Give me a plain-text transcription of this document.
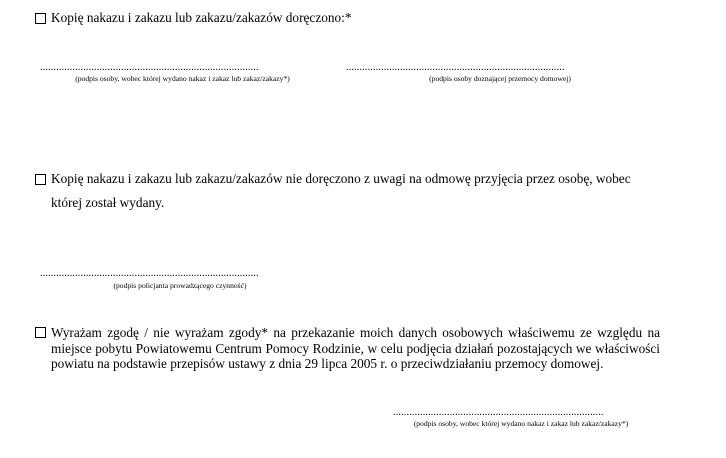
Kopię nakazu i zakazu lub zakazu/zakazów doręczono:*
.................................................................................
(podpis osoby, wobec której wydano nakaz i zakaz lub zakaz/zakazy*)
.................................................................................
(podpis osoby doznającej przemocy domowej)
Kopię nakazu i zakazu lub zakazu/zakazów nie doręczono z uwagi na odmowę przyjęcia przez osobę, wobec
której został wydany.
.................................................................................
(podpis policjanta prowadzącego czynność)
Wyrażam zgodę / nie wyrażam zgody* na przekazanie moich danych osobowych właściwemu ze względu na miejsce pobytu Powiatowemu Centrum Pomocy Rodzinie, w celu podjęcia działań pozostających we właściwości powiatu na podstawie przepisów ustawy z dnia 29 lipca 2005 r. o przeciwdziałaniu przemocy domowej.
..............................................................................
(podpis osoby, wobec której wydano nakaz i zakaz lub zakaz/zakazy*)
